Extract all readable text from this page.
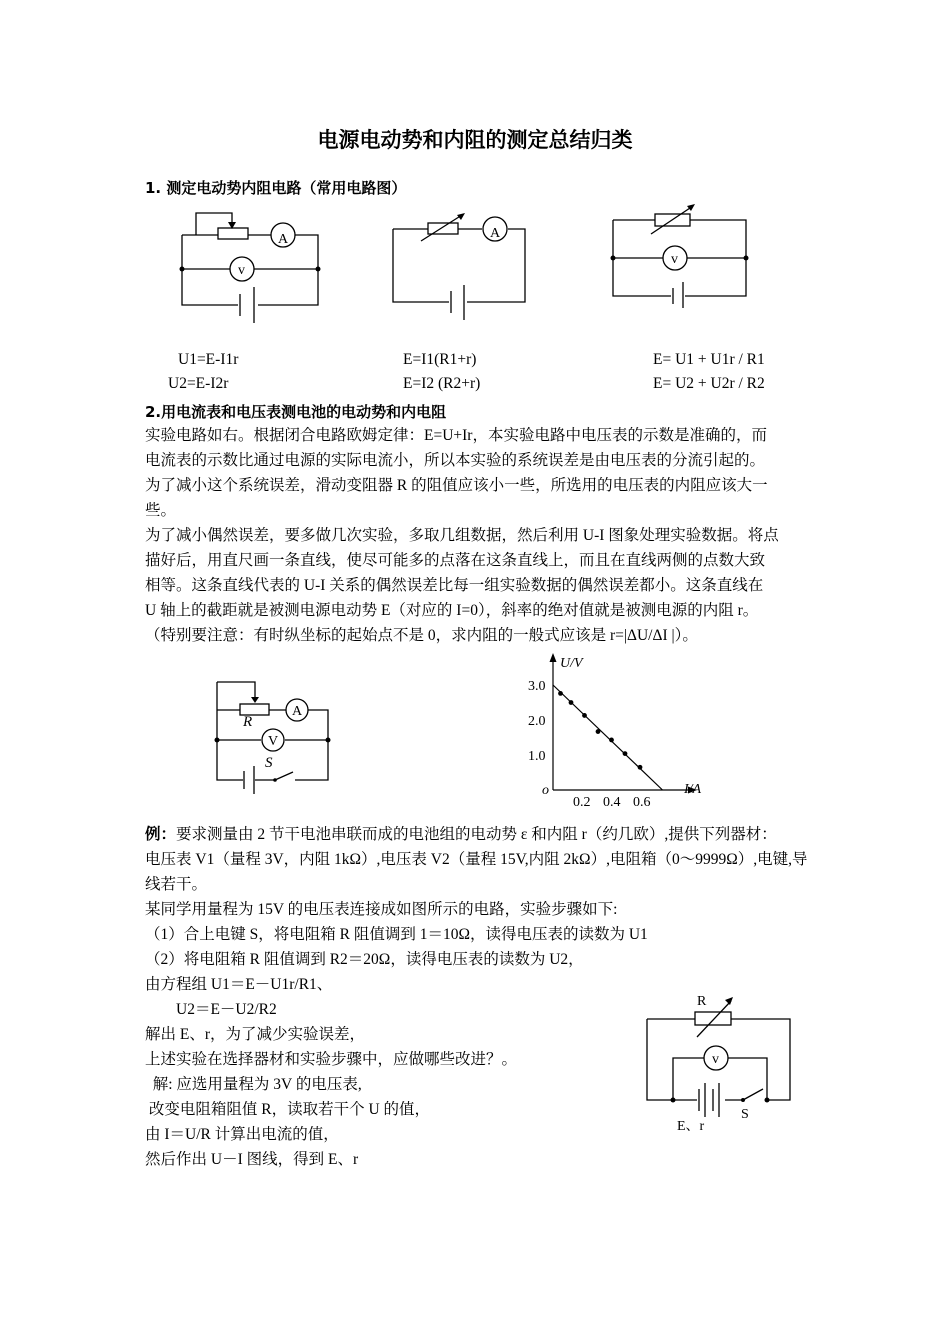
电源电动势和内阻的测定总结归类
1. 测定电动势内阻电路（常用电路图）
A
v
A
v
U1=E-I1r
U2=E-I2r
E=I1(R1+r)
E=I2 (R2+r)
E= U1 + U1r / R1
E= U2 + U2r / R2
2.用电流表和电压表测电池的电动势和内电阻
实验电路如右。根据闭合电路欧姆定律：E=U+Ir，本实验电路中电压表的示数是准确的，而
电流表的示数比通过电源的实际电流小，所以本实验的系统误差是由电压表的分流引起的。
为了减小这个系统误差，滑动变阻器 R 的阻值应该小一些，所选用的电压表的内阻应该大一
些。
为了减小偶然误差，要多做几次实验，多取几组数据，然后利用 U-I 图象处理实验数据。将点
描好后，用直尺画一条直线，使尽可能多的点落在这条直线上，而且在直线两侧的点数大致
相等。这条直线代表的 U-I 关系的偶然误差比每一组实验数据的偶然误差都小。这条直线在
U 轴上的截距就是被测电源电动势 E（对应的 I=0），斜率的绝对值就是被测电源的内阻 r。
（特别要注意：有时纵坐标的起始点不是 0，求内阻的一般式应该是 r=|ΔU/ΔI |）。
R
A
V
S
U/V
I/A
o
1.0
2.0
3.0
0.2 0.4 0.6
例：要求测量由 2 节干电池串联而成的电池组的电动势 ε 和内阻 r（约几欧）,提供下列器材：
电压表 V1（量程 3V，内阻 1kΩ）,电压表 V2（量程 15V,内阻 2kΩ）,电阻箱（0～9999Ω）,电键,导
线若干。
某同学用量程为 15V 的电压表连接成如图所示的电路，实验步骤如下:
（1）合上电键 S，将电阻箱 R 阻值调到 1＝10Ω，读得电压表的读数为 U1
（2）将电阻箱 R 阻值调到 R2＝20Ω，读得电压表的读数为 U2，
由方程组 U1＝E－U1r/R1、
U2＝E－U2/R2
解出 E、r，为了减少实验误差，
上述实验在选择器材和实验步骤中，应做哪些改进？。
解: 应选用量程为 3V 的电压表,
改变电阻箱阻值 R，读取若干个 U 的值，
由 I＝U/R 计算出电流的值，
然后作出 U－I 图线，得到 E、r
R
v
E、r
S
